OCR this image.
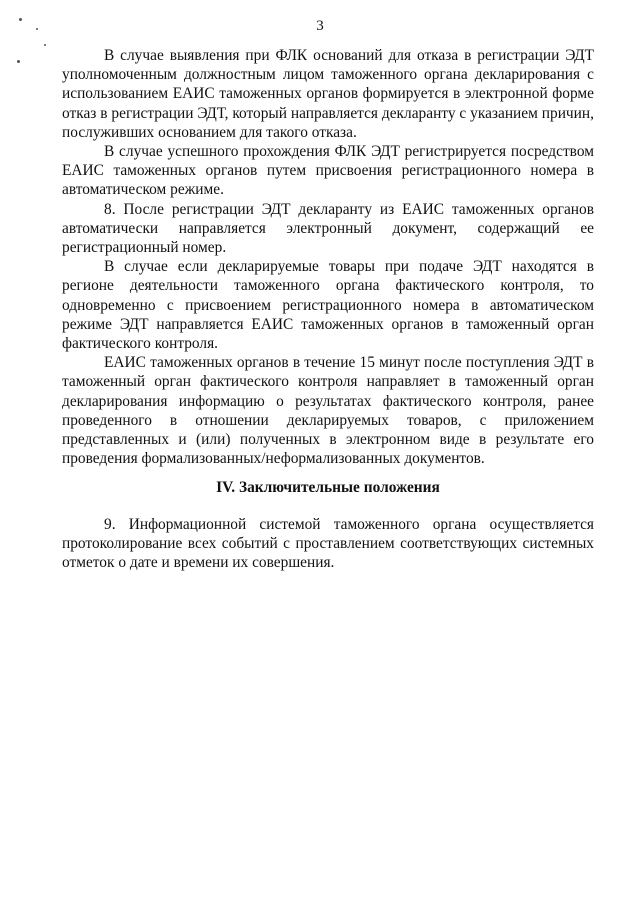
3

В случае выявления при ФЛК оснований для отказа в регистрации ЭДТ уполномоченным должностным лицом таможенного органа декларирования с использованием ЕАИС таможенных органов формируется в электронной форме отказ в регистрации ЭДТ, который направляется декларанту с указанием причин, послуживших основанием для такого отказа.

В случае успешного прохождения ФЛК ЭДТ регистрируется посредством ЕАИС таможенных органов путем присвоения регистрационного номера в автоматическом режиме.

8. После регистрации ЭДТ декларанту из ЕАИС таможенных органов автоматически направляется электронный документ, содержащий ее регистрационный номер.

В случае если декларируемые товары при подаче ЭДТ находятся в регионе деятельности таможенного органа фактического контроля, то одновременно с присвоением регистрационного номера в автоматическом режиме ЭДТ направляется ЕАИС таможенных органов в таможенный орган фактического контроля.

ЕАИС таможенных органов в течение 15 минут после поступления ЭДТ в таможенный орган фактического контроля направляет в таможенный орган декларирования информацию о результатах фактического контроля, ранее проведенного в отношении декларируемых товаров, с приложением представленных и (или) полученных в электронном виде в результате его проведения формализованных/неформализованных документов.

IV. Заключительные положения

9. Информационной системой таможенного органа осуществляется протоколирование всех событий с проставлением соответствующих системных отметок о дате и времени их совершения.
